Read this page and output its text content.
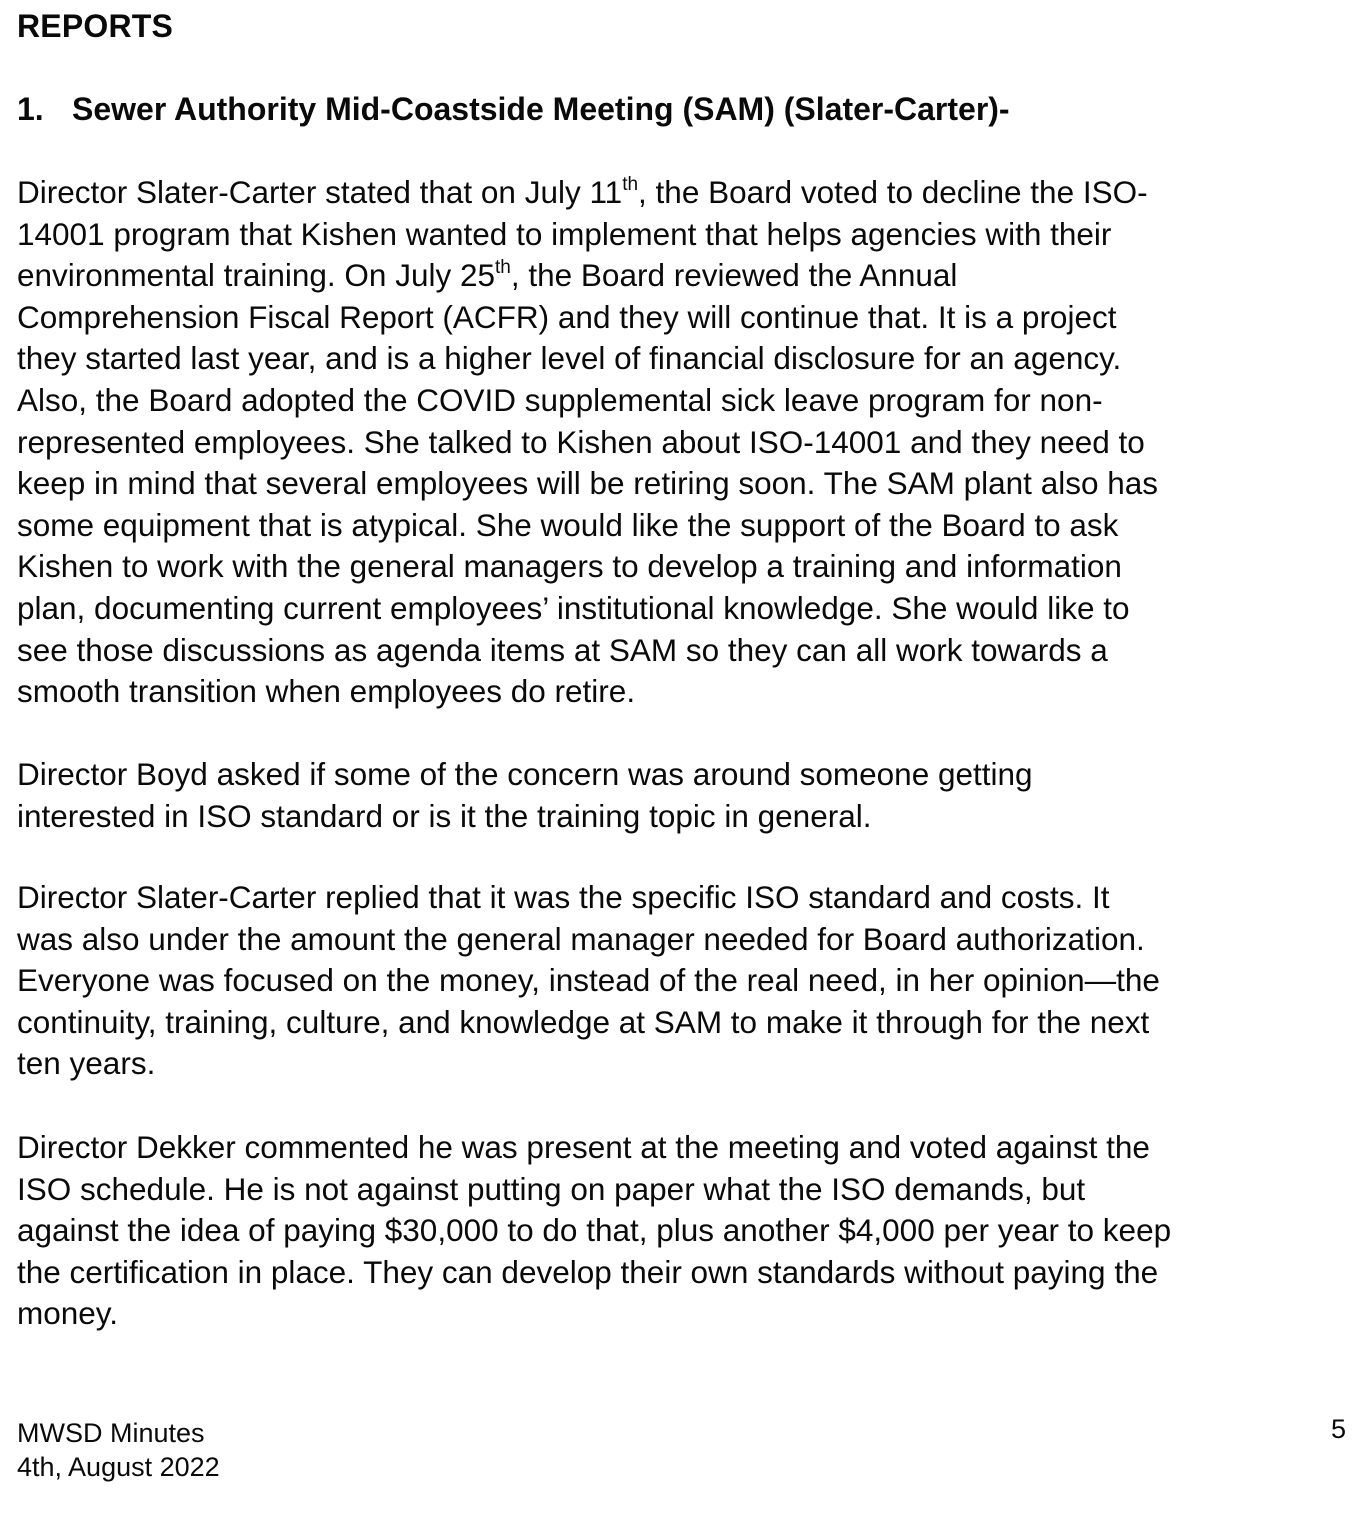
REPORTS
1. Sewer Authority Mid-Coastside Meeting (SAM) (Slater-Carter)-

Director Slater-Carter stated that on July 11th, the Board voted to decline the ISO-
14001 program that Kishen wanted to implement that helps agencies with their
environmental training. On July 25th, the Board reviewed the Annual
Comprehension Fiscal Report (ACFR) and they will continue that. It is a project
they started last year, and is a higher level of financial disclosure for an agency.
Also, the Board adopted the COVID supplemental sick leave program for non-
represented employees. She talked to Kishen about ISO-14001 and they need to
keep in mind that several employees will be retiring soon. The SAM plant also has
some equipment that is atypical. She would like the support of the Board to ask
Kishen to work with the general managers to develop a training and information
plan, documenting current employees’ institutional knowledge. She would like to
see those discussions as agenda items at SAM so they can all work towards a
smooth transition when employees do retire.

Director Boyd asked if some of the concern was around someone getting
interested in ISO standard or is it the training topic in general.

Director Slater-Carter replied that it was the specific ISO standard and costs. It
was also under the amount the general manager needed for Board authorization.
Everyone was focused on the money, instead of the real need, in her opinion—the
continuity, training, culture, and knowledge at SAM to make it through for the next
ten years.

Director Dekker commented he was present at the meeting and voted against the
ISO schedule. He is not against putting on paper what the ISO demands, but
against the idea of paying $30,000 to do that, plus another $4,000 per year to keep
the certification in place. They can develop their own standards without paying the
money.

MWSD Minutes
4th, August 2022
5
